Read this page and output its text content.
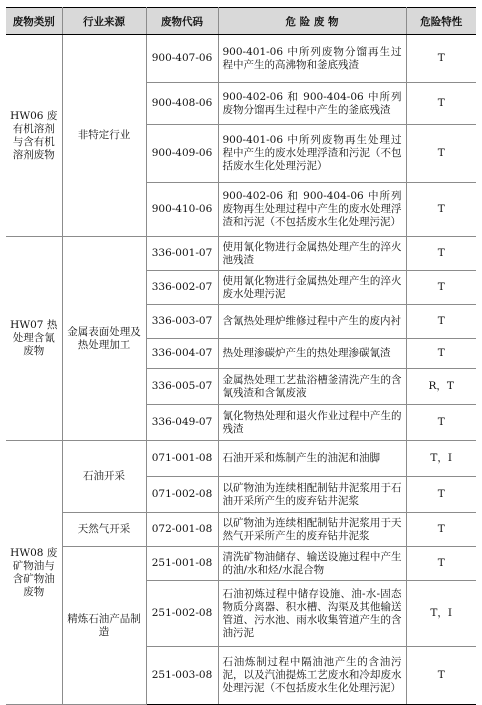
废物类别	行业来源	废物代码	危 险 废 物	危险特性
HW06 废有机溶剂与含有机溶剂废物	非特定行业	900-407-06	900-401-06 中所列废物分馏再生过程中产生的高沸物和釜底残渣	T
		900-408-06	900-402-06 和 900-404-06 中所列废物分馏再生过程中产生的釜底残渣	T
		900-409-06	900-401-06 中所列废物再生处理过程中产生的废水处理浮渣和污泥（不包括废水生化处理污泥）	T
		900-410-06	900-402-06 和 900-404-06 中所列废物再生处理过程中产生的废水处理浮渣和污泥（不包括废水生化处理污泥）	T
HW07 热处理含氰废物	金属表面处理及热处理加工	336-001-07	使用氰化物进行金属热处理产生的淬火池残渣	T
		336-002-07	使用氰化物进行金属热处理产生的淬火废水处理污泥	T
		336-003-07	含氰热处理炉维修过程中产生的废内衬	T
		336-004-07	热处理渗碳炉产生的热处理渗碳氰渣	T
		336-005-07	金属热处理工艺盐浴槽釜清洗产生的含氰残渣和含氰废液	R，T
		336-049-07	氰化物热处理和退火作业过程中产生的残渣	T
HW08 废矿物油与含矿物油废物	石油开采	071-001-08	石油开采和炼制产生的油泥和油脚	T，I
		071-002-08	以矿物油为连续相配制钻井泥浆用于石油开采所产生的废弃钻井泥浆	T
	天然气开采	072-001-08	以矿物油为连续相配制钻井泥浆用于天然气开采所产生的废弃钻井泥浆	T
	精炼石油产品制造	251-001-08	清洗矿物油储存、输送设施过程中产生的油/水和烃/水混合物	T
		251-002-08	石油初炼过程中储存设施、油-水-固态物质分离器、积水槽、沟渠及其他输送管道、污水池、雨水收集管道产生的含油污泥	T，I
		251-003-08	石油炼制过程中隔油池产生的含油污泥，以及汽油提炼工艺废水和冷却废水处理污泥（不包括废水生化处理污泥）	T
